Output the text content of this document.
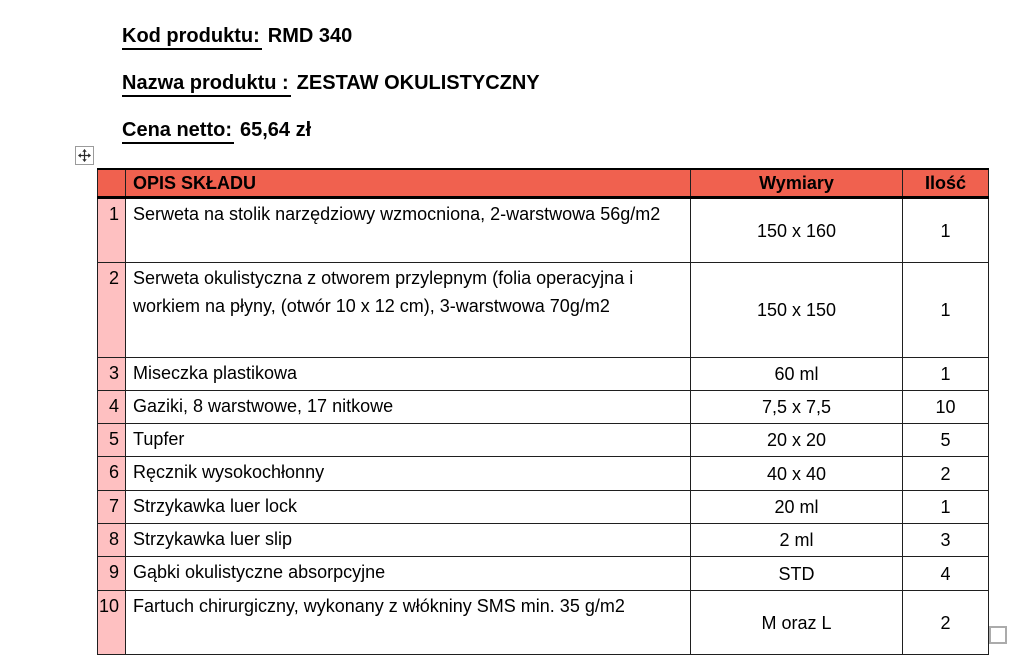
Kod produktu: RMD 340

Nazwa produktu : ZESTAW OKULISTYCZNY

Cena netto: 65,64 zł

	OPIS SKŁADU	Wymiary	Ilość
1	Serweta na stolik narzędziowy wzmocniona, 2-warstwowa 56g/m2	150 x 160	1
2	Serweta okulistyczna z otworem przylepnym (folia operacyjna i workiem na płyny, (otwór 10 x 12 cm), 3-warstwowa 70g/m2	150 x 150	1
3	Miseczka plastikowa	60 ml	1
4	Gaziki, 8 warstwowe, 17 nitkowe	7,5 x 7,5	10
5	Tupfer	20 x 20	5
6	Ręcznik wysokochłonny	40 x 40	2
7	Strzykawka luer lock	20 ml	1
8	Strzykawka luer slip	2 ml	3
9	Gąbki okulistyczne absorpcyjne	STD	4
10	Fartuch chirurgiczny, wykonany z włókniny SMS min. 35 g/m2	M oraz L	2
